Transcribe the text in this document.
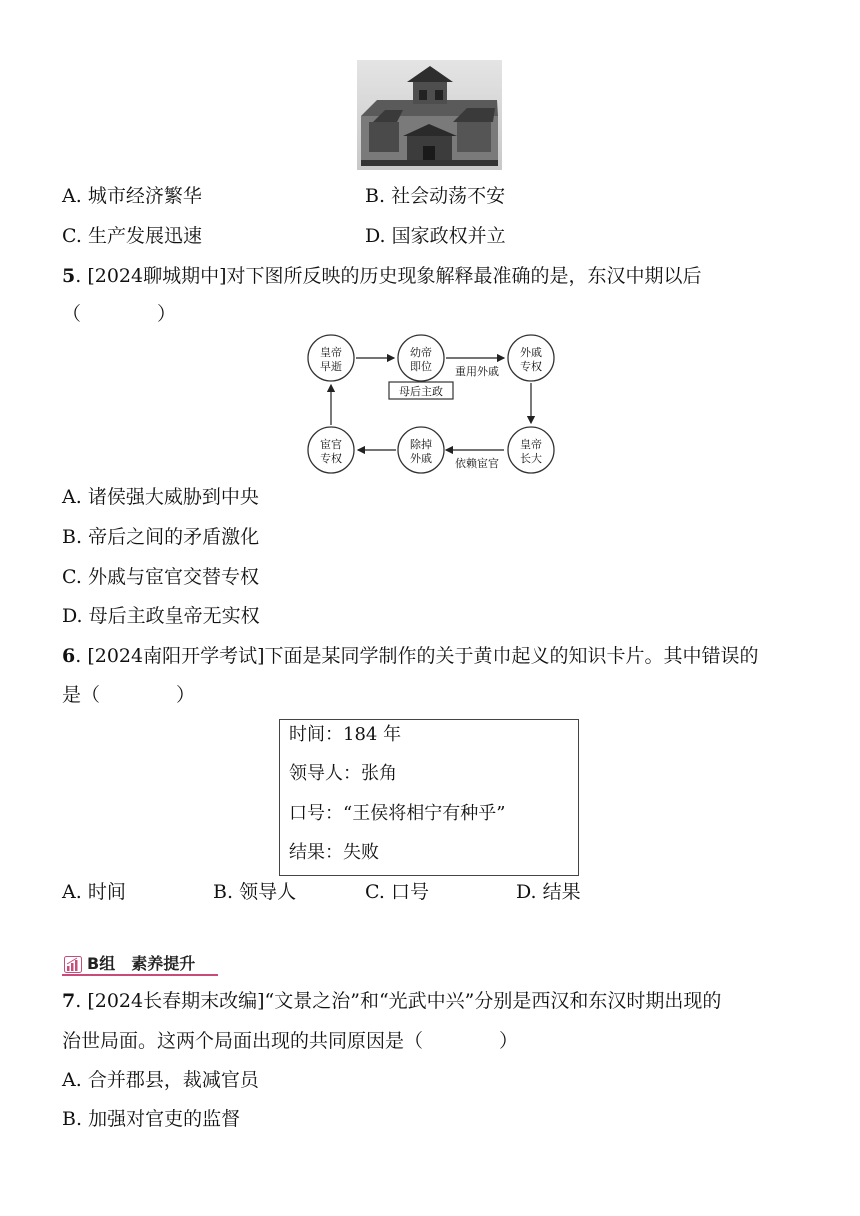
A. 城市经济繁华	B. 社会动荡不安
C. 生产发展迅速	D. 国家政权并立
5. [2024聊城期中]对下图所反映的历史现象解释最准确的是，东汉中期以后
（　　　　）
皇帝
早逝
幼帝
即位
外戚
专权
皇帝
长大
除掉
外戚
宦官
专权
母后主政
重用外戚
依赖宦官
A. 诸侯强大威胁到中央
B. 帝后之间的矛盾激化
C. 外戚与宦官交替专权
D. 母后主政皇帝无实权
6. [2024南阳开学考试]下面是某同学制作的关于黄巾起义的知识卡片。其中错误的
是（　　　　）
时间：184 年
领导人：张角
口号：“王侯将相宁有种乎”
结果：失败
A. 时间	B. 领导人	C. 口号	D. 结果
B组　素养提升
7. [2024长春期末改编]“文景之治”和“光武中兴”分别是西汉和东汉时期出现的
治世局面。这两个局面出现的共同原因是（　　　　）
A. 合并郡县，裁减官员
B. 加强对官吏的监督
